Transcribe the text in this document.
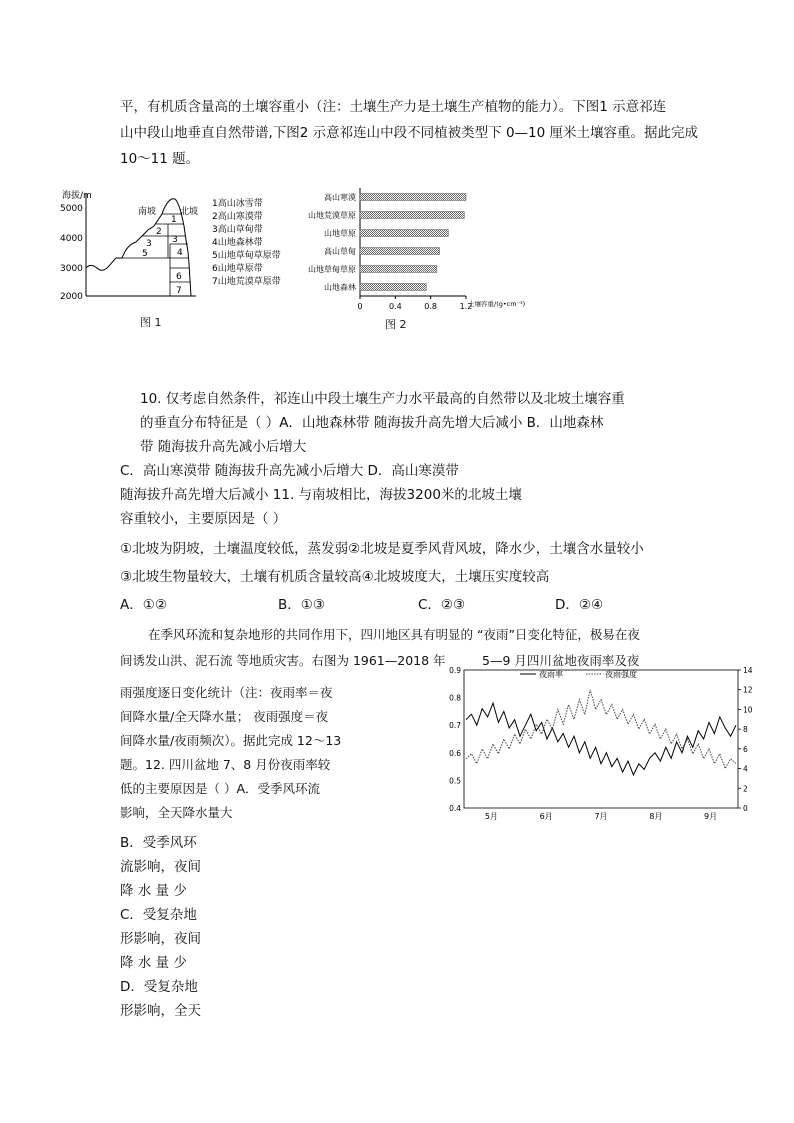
平，有机质含量高的土壤容重小（注：土壤生产力是土壤生产植物的能力）。下图1 示意祁连
山中段山地垂直自然带谱,下图2 示意祁连山中段不同植被类型下 0—10 厘米土壤容重。据此完成
10～11 题。
海拔/m
5000
4000
3000
2000
南坡	北坡
1
2
3
3
4
5
6
7
1高山冰雪带
2高山寒漠带
3高山草甸带
4山地森林带
5山地草甸草原带
6山地草原带
7山地荒漠草原带
图 1
高山寒漠
山地荒漠草原
山地草原
高山草甸
山地草甸草原
山地森林
0	0.4	0.8	1.2
土壤容重/(g•cm⁻³)
图 2
10. 仅考虑自然条件，祁连山中段土壤生产力水平最高的自然带以及北坡土壤容重
的垂直分布特征是（ ）A．山地森林带 随海拔升高先增大后减小 B．山地森林
带 随海拔升高先减小后增大
C．高山寒漠带 随海拔升高先减小后增大 D．高山寒漠带
随海拔升高先增大后减小 11. 与南坡相比，海拔3200米的北坡土壤
容重较小，主要原因是（ ）
①北坡为阴坡，土壤温度较低，蒸发弱②北坡是夏季风背风坡，降水少，土壤含水量较小
③北坡生物量较大，土壤有机质含量较高④北坡坡度大，土壤压实度较高
A．①②	B．①③	C．②③	D．②④
在季风环流和复杂地形的共同作用下，四川地区具有明显的 “夜雨”日变化特征，极易在夜
间诱发山洪、泥石流 等地质灾害。右图为 1961—2018 年	5—9 月四川盆地夜雨率及夜
雨强度逐日变化统计（注：夜雨率＝夜
间降水量/全天降水量； 夜雨强度＝夜
间降水量/夜雨频次）。据此完成 12～13
题。12. 四川盆地 7、8 月份夜雨率较
低的主要原因是（ ）A．受季风环流
影响，全天降水量大
0.9
0.8
0.7
0.6
0.5
0.4
14
12
10
8
6
4
2
0
5月	6月	7月	8月	9月
夜雨率	夜雨强度
B．受季风环
流影响，夜间
降 水 量 少
C．受复杂地
形影响，夜间
降 水 量 少
D．受复杂地
形影响，全天
